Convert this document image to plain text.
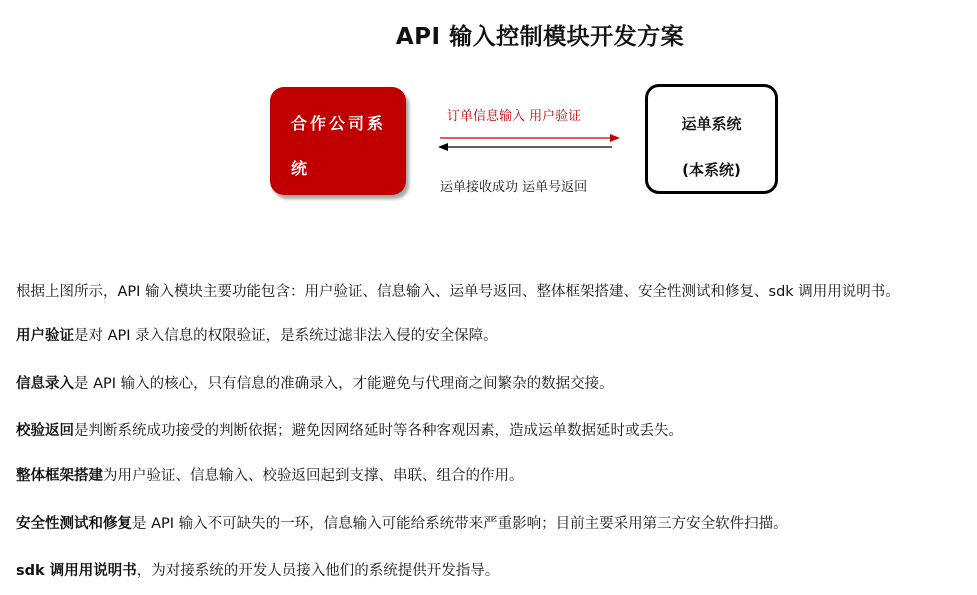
API 输入控制模块开发方案
合作公司系
统
订单信息输入 用户验证
运单接收成功 运单号返回
运单系统
(本系统)
根据上图所示，API 输入模块主要功能包含：用户验证、信息输入、运单号返回、整体框架搭建、安全性测试和修复、sdk 调用用说明书。
用户验证是对 API 录入信息的权限验证，是系统过滤非法入侵的安全保障。
信息录入是 API 输入的核心，只有信息的准确录入，才能避免与代理商之间繁杂的数据交接。
校验返回是判断系统成功接受的判断依据；避免因网络延时等各种客观因素，造成运单数据延时或丢失。
整体框架搭建为用户验证、信息输入、校验返回起到支撑、串联、组合的作用。
安全性测试和修复是 API 输入不可缺失的一环，信息输入可能给系统带来严重影响；目前主要采用第三方安全软件扫描。
sdk 调用用说明书，为对接系统的开发人员接入他们的系统提供开发指导。
